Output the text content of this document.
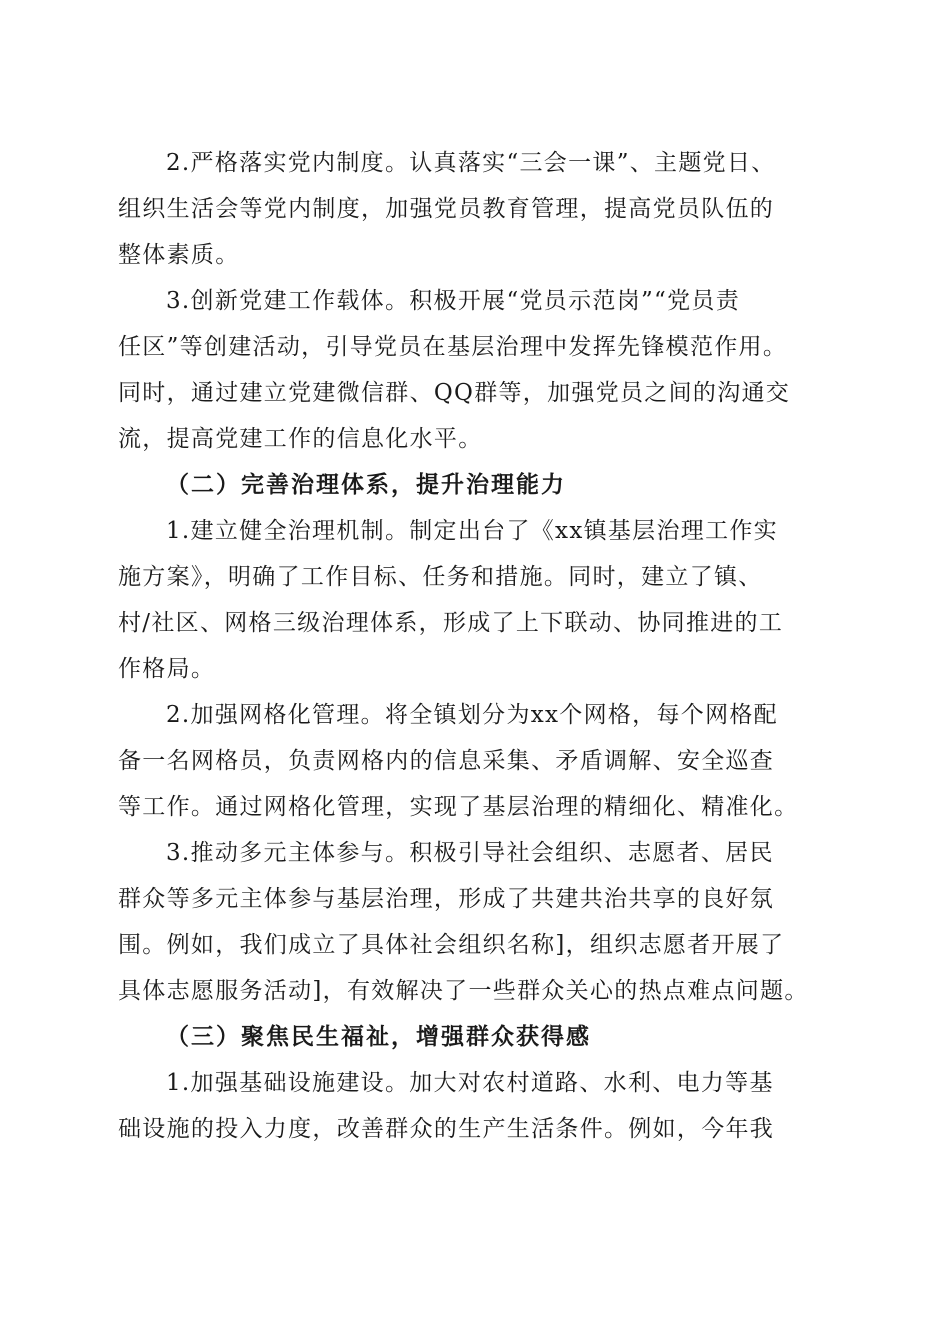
2.严格落实党内制度。认真落实“三会一课”、主题党日、
组织生活会等党内制度，加强党员教育管理，提高党员队伍的
整体素质。
3.创新党建工作载体。积极开展“党员示范岗”“党员责
任区”等创建活动，引导党员在基层治理中发挥先锋模范作用。
同时，通过建立党建微信群、QQ群等，加强党员之间的沟通交
流，提高党建工作的信息化水平。
（二）完善治理体系，提升治理能力
1.建立健全治理机制。制定出台了《xx镇基层治理工作实
施方案》，明确了工作目标、任务和措施。同时，建立了镇、
村/社区、网格三级治理体系，形成了上下联动、协同推进的工
作格局。
2.加强网格化管理。将全镇划分为xx个网格，每个网格配
备一名网格员，负责网格内的信息采集、矛盾调解、安全巡查
等工作。通过网格化管理，实现了基层治理的精细化、精准化。
3.推动多元主体参与。积极引导社会组织、志愿者、居民
群众等多元主体参与基层治理，形成了共建共治共享的良好氛
围。例如，我们成立了具体社会组织名称]，组织志愿者开展了
具体志愿服务活动]，有效解决了一些群众关心的热点难点问题。
（三）聚焦民生福祉，增强群众获得感
1.加强基础设施建设。加大对农村道路、水利、电力等基
础设施的投入力度，改善群众的生产生活条件。例如，今年我
